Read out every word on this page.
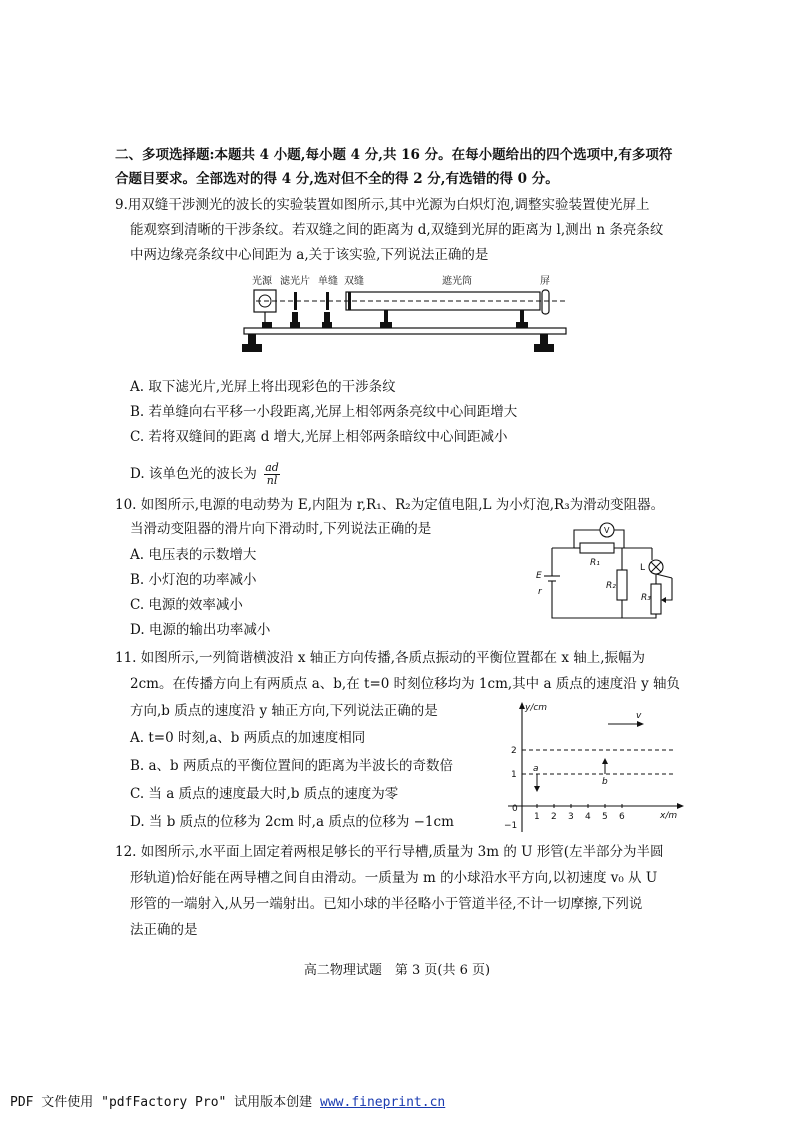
二、多项选择题:本题共 4 小题,每小题 4 分,共 16 分。在每小题给出的四个选项中,有多项符
合题目要求。全部选对的得 4 分,选对但不全的得 2 分,有选错的得 0 分。
9.用双缝干涉测光的波长的实验装置如图所示,其中光源为白炽灯泡,调整实验装置使光屏上
能观察到清晰的干涉条纹。若双缝之间的距离为 d,双缝到光屏的距离为 l,测出 n 条亮条纹
中两边缘亮条纹中心间距为 a,关于该实验,下列说法正确的是
光源 滤光片 单缝 双缝	遮光筒	屏
A. 取下滤光片,光屏上将出现彩色的干涉条纹
B. 若单缝向右平移一小段距离,光屏上相邻两条亮纹中心间距增大
C. 若将双缝间的距离 d 增大,光屏上相邻两条暗纹中心间距减小
D. 该单色光的波长为 $\frac{ad}{nl}$
10. 如图所示,电源的电动势为 E,内阻为 r,R₁、R₂为定值电阻,L 为小灯泡,R₃为滑动变阻器。
当滑动变阻器的滑片向下滑动时,下列说法正确的是
A. 电压表的示数增大
B. 小灯泡的功率减小
C. 电源的效率减小
D. 电源的输出功率减小
V
R₁
R₂
R₃
L
E
r
11. 如图所示,一列简谐横波沿 x 轴正方向传播,各质点振动的平衡位置都在 x 轴上,振幅为
2cm。在传播方向上有两质点 a、b,在 t=0 时刻位移均为 1cm,其中 a 质点的速度沿 y 轴负
方向,b 质点的速度沿 y 轴正方向,下列说法正确的是
A. t=0 时刻,a、b 两质点的加速度相同
B. a、b 两质点的平衡位置间的距离为半波长的奇数倍
C. 当 a 质点的速度最大时,b 质点的速度为零
D. 当 b 质点的位移为 2cm 时,a 质点的位移为 −1cm
y/cm
x/m
v
2
1
0
−1
1 2 3 4 5 6
a
b
12. 如图所示,水平面上固定着两根足够长的平行导槽,质量为 3m 的 U 形管(左半部分为半圆
形轨道)恰好能在两导槽之间自由滑动。一质量为 m 的小球沿水平方向,以初速度 v₀ 从 U
形管的一端射入,从另一端射出。已知小球的半径略小于管道半径,不计一切摩擦,下列说
法正确的是
高二物理试题　第 3 页(共 6 页)
PDF 文件使用 "pdfFactory Pro" 试用版本创建 www.fineprint.cn
